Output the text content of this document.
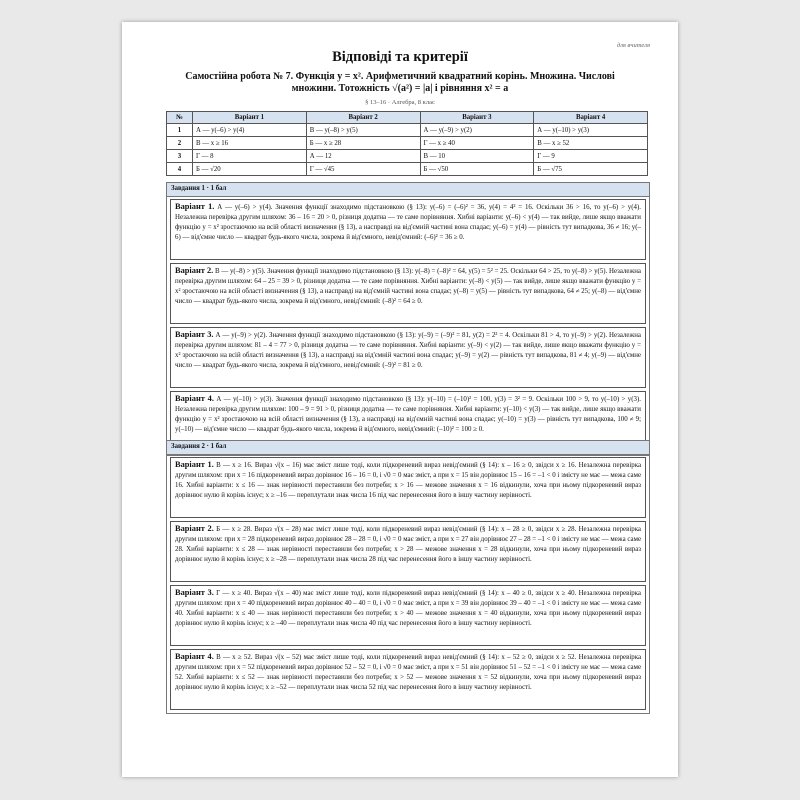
для вчителя
Відповіді та критерії
Самостійна робота № 7. Функція y = x². Арифметичний квадратний корінь. Множина. Числові множини. Тотожність √(a²) = |a| і рівняння x² = a
§ 13–16 · Алгебра, 8 клас
№	Варіант 1	Варіант 2	Варіант 3	Варіант 4
1	А — y(–6) > y(4)	В — y(–8) > y(5)	А — y(–9) > y(2)	А — y(–10) > y(3)
2	В — x ≥ 16	Б — x ≥ 28	Г — x ≥ 40	В — x ≥ 52
3	Г — 8	А — 12	В — 10	Г — 9
4	Б — √20	Г — √45	Б — √50	Б — √75
Завдання 1 · 1 бал
Варіант 1. А — y(–6) > y(4). Значення функції знаходимо підстановкою (§ 13): y(–6) = (–6)² = 36, y(4) = 4² = 16. Оскільки 36 > 16, то y(–6) > y(4). Незалежна перевірка другим шляхом: 36 – 16 = 20 > 0, різниця додатна — те саме порівняння. Хибні варіанти: y(–6) < y(4) — так вийде, лише якщо вважати функцію y = x² зростаючою на всій області визначення (§ 13), а насправді на від'ємній частині вона спадає; y(–6) = y(4) — рівність тут випадкова, 36 ≠ 16; y(–6) — від'ємне число — квадрат будь-якого числа, зокрема й від'ємного, невід'ємний: (–6)² = 36 ≥ 0.
Варіант 2. В — y(–8) > y(5). Значення функції знаходимо підстановкою (§ 13): y(–8) = (–8)² = 64, y(5) = 5² = 25. Оскільки 64 > 25, то y(–8) > y(5). Незалежна перевірка другим шляхом: 64 – 25 = 39 > 0, різниця додатна — те саме порівняння. Хибні варіанти: y(–8) < y(5) — так вийде, лише якщо вважати функцію y = x² зростаючою на всій області визначення (§ 13), а насправді на від'ємній частині вона спадає; y(–8) = y(5) — рівність тут випадкова, 64 ≠ 25; y(–8) — від'ємне число — квадрат будь-якого числа, зокрема й від'ємного, невід'ємний: (–8)² = 64 ≥ 0.
Варіант 3. А — y(–9) > y(2). Значення функції знаходимо підстановкою (§ 13): y(–9) = (–9)² = 81, y(2) = 2² = 4. Оскільки 81 > 4, то y(–9) > y(2). Незалежна перевірка другим шляхом: 81 – 4 = 77 > 0, різниця додатна — те саме порівняння. Хибні варіанти: y(–9) < y(2) — так вийде, лише якщо вважати функцію y = x² зростаючою на всій області визначення (§ 13), а насправді на від'ємній частині вона спадає; y(–9) = y(2) — рівність тут випадкова, 81 ≠ 4; y(–9) — від'ємне число — квадрат будь-якого числа, зокрема й від'ємного, невід'ємний: (–9)² = 81 ≥ 0.
Варіант 4. А — y(–10) > y(3). Значення функції знаходимо підстановкою (§ 13): y(–10) = (–10)² = 100, y(3) = 3² = 9. Оскільки 100 > 9, то y(–10) > y(3). Незалежна перевірка другим шляхом: 100 – 9 = 91 > 0, різниця додатна — те саме порівняння. Хибні варіанти: y(–10) < y(3) — так вийде, лише якщо вважати функцію y = x² зростаючою на всій області визначення (§ 13), а насправді на від'ємній частині вона спадає; y(–10) = y(3) — рівність тут випадкова, 100 ≠ 9; y(–10) — від'ємне число — квадрат будь-якого числа, зокрема й від'ємного, невід'ємний: (–10)² = 100 ≥ 0.
Завдання 2 · 1 бал
Варіант 1. В — x ≥ 16. Вираз √(x – 16) має зміст лише тоді, коли підкореневий вираз невід'ємний (§ 14): x – 16 ≥ 0, звідси x ≥ 16. Незалежна перевірка другим шляхом: при x = 16 підкореневий вираз дорівнює 16 – 16 = 0, і √0 = 0 має зміст, а при x = 15 він дорівнює 15 – 16 = –1 < 0 і змісту не має — межа саме 16. Хибні варіанти: x ≤ 16 — знак нерівності переставили без потреби; x > 16 — межове значення x = 16 відкинули, хоча при ньому підкореневий вираз дорівнює нулю й корінь існує; x ≥ –16 — переплутали знак числа 16 під час перенесення його в іншу частину нерівності.
Варіант 2. Б — x ≥ 28. Вираз √(x – 28) має зміст лише тоді, коли підкореневий вираз невід'ємний (§ 14): x – 28 ≥ 0, звідси x ≥ 28. Незалежна перевірка другим шляхом: при x = 28 підкореневий вираз дорівнює 28 – 28 = 0, і √0 = 0 має зміст, а при x = 27 він дорівнює 27 – 28 = –1 < 0 і змісту не має — межа саме 28. Хибні варіанти: x ≤ 28 — знак нерівності переставили без потреби; x > 28 — межове значення x = 28 відкинули, хоча при ньому підкореневий вираз дорівнює нулю й корінь існує; x ≥ –28 — переплутали знак числа 28 під час перенесення його в іншу частину нерівності.
Варіант 3. Г — x ≥ 40. Вираз √(x – 40) має зміст лише тоді, коли підкореневий вираз невід'ємний (§ 14): x – 40 ≥ 0, звідси x ≥ 40. Незалежна перевірка другим шляхом: при x = 40 підкореневий вираз дорівнює 40 – 40 = 0, і √0 = 0 має зміст, а при x = 39 він дорівнює 39 – 40 = –1 < 0 і змісту не має — межа саме 40. Хибні варіанти: x ≤ 40 — знак нерівності переставили без потреби; x > 40 — межове значення x = 40 відкинули, хоча при ньому підкореневий вираз дорівнює нулю й корінь існує; x ≥ –40 — переплутали знак числа 40 під час перенесення його в іншу частину нерівності.
Варіант 4. В — x ≥ 52. Вираз √(x – 52) має зміст лише тоді, коли підкореневий вираз невід'ємний (§ 14): x – 52 ≥ 0, звідси x ≥ 52. Незалежна перевірка другим шляхом: при x = 52 підкореневий вираз дорівнює 52 – 52 = 0, і √0 = 0 має зміст, а при x = 51 він дорівнює 51 – 52 = –1 < 0 і змісту не має — межа саме 52. Хибні варіанти: x ≤ 52 — знак нерівності переставили без потреби; x > 52 — межове значення x = 52 відкинули, хоча при ньому підкореневий вираз дорівнює нулю й корінь існує; x ≥ –52 — переплутали знак числа 52 під час перенесення його в іншу частину нерівності.
